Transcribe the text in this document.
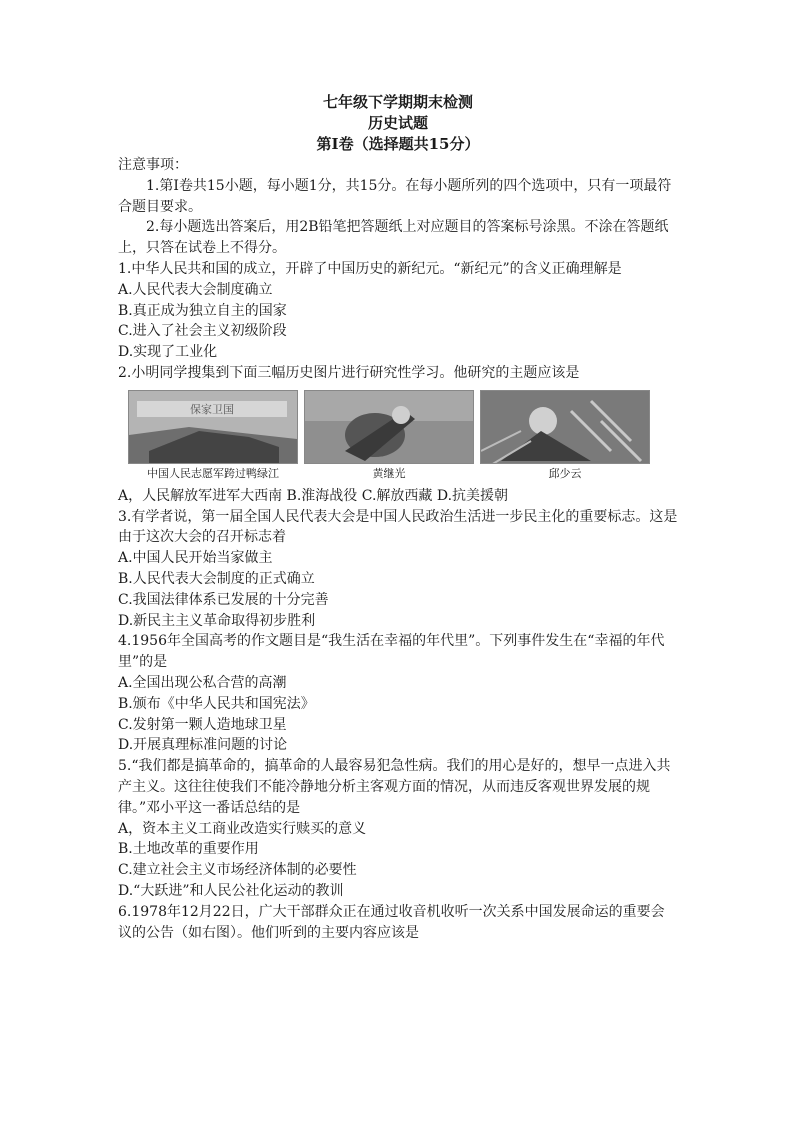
七年级下学期期末检测

历史试题

第Ⅰ卷（选择题共15分）

注意事项：

1.第Ⅰ卷共15小题，每小题1分，共15分。在每小题所列的四个选项中，只有一项最符合题目要求。

2.每小题选出答案后，用2B铅笔把答题纸上对应题目的答案标号涂黑。不涂在答题纸上，只答在试卷上不得分。

1.中华人民共和国的成立，开辟了中国历史的新纪元。“新纪元”的含义正确理解是

A.人民代表大会制度确立

B.真正成为独立自主的国家

C.进入了社会主义初级阶段

D.实现了工业化

2.小明同学搜集到下面三幅历史图片进行研究性学习。他研究的主题应该是

保家卫国
中国人民志愿军跨过鸭绿江	黄继光	邱少云

A，人民解放军进军大西南 B.淮海战役 C.解放西藏 D.抗美援朝

3.有学者说，第一届全国人民代表大会是中国人民政治生活进一步民主化的重要标志。这是由于这次大会的召开标志着

A.中国人民开始当家做主

B.人民代表大会制度的正式确立

C.我国法律体系已发展的十分完善

D.新民主主义革命取得初步胜利

4.1956年全国高考的作文题目是“我生活在幸福的年代里”。下列事件发生在“幸福的年代里”的是

A.全国出现公私合营的高潮

B.颁布《中华人民共和国宪法》

C.发射第一颗人造地球卫星

D.开展真理标准问题的讨论

5.“我们都是搞革命的，搞革命的人最容易犯急性病。我们的用心是好的，想早一点进入共产主义。这往往使我们不能冷静地分析主客观方面的情况，从而违反客观世界发展的规律。”邓小平这一番话总结的是

A，资本主义工商业改造实行赎买的意义

B.土地改革的重要作用

C.建立社会主义市场经济体制的必要性

D.“大跃进”和人民公社化运动的教训

6.1978年12月22日，广大干部群众正在通过收音机收听一次关系中国发展命运的重要会议的公告（如右图）。他们听到的主要内容应该是
